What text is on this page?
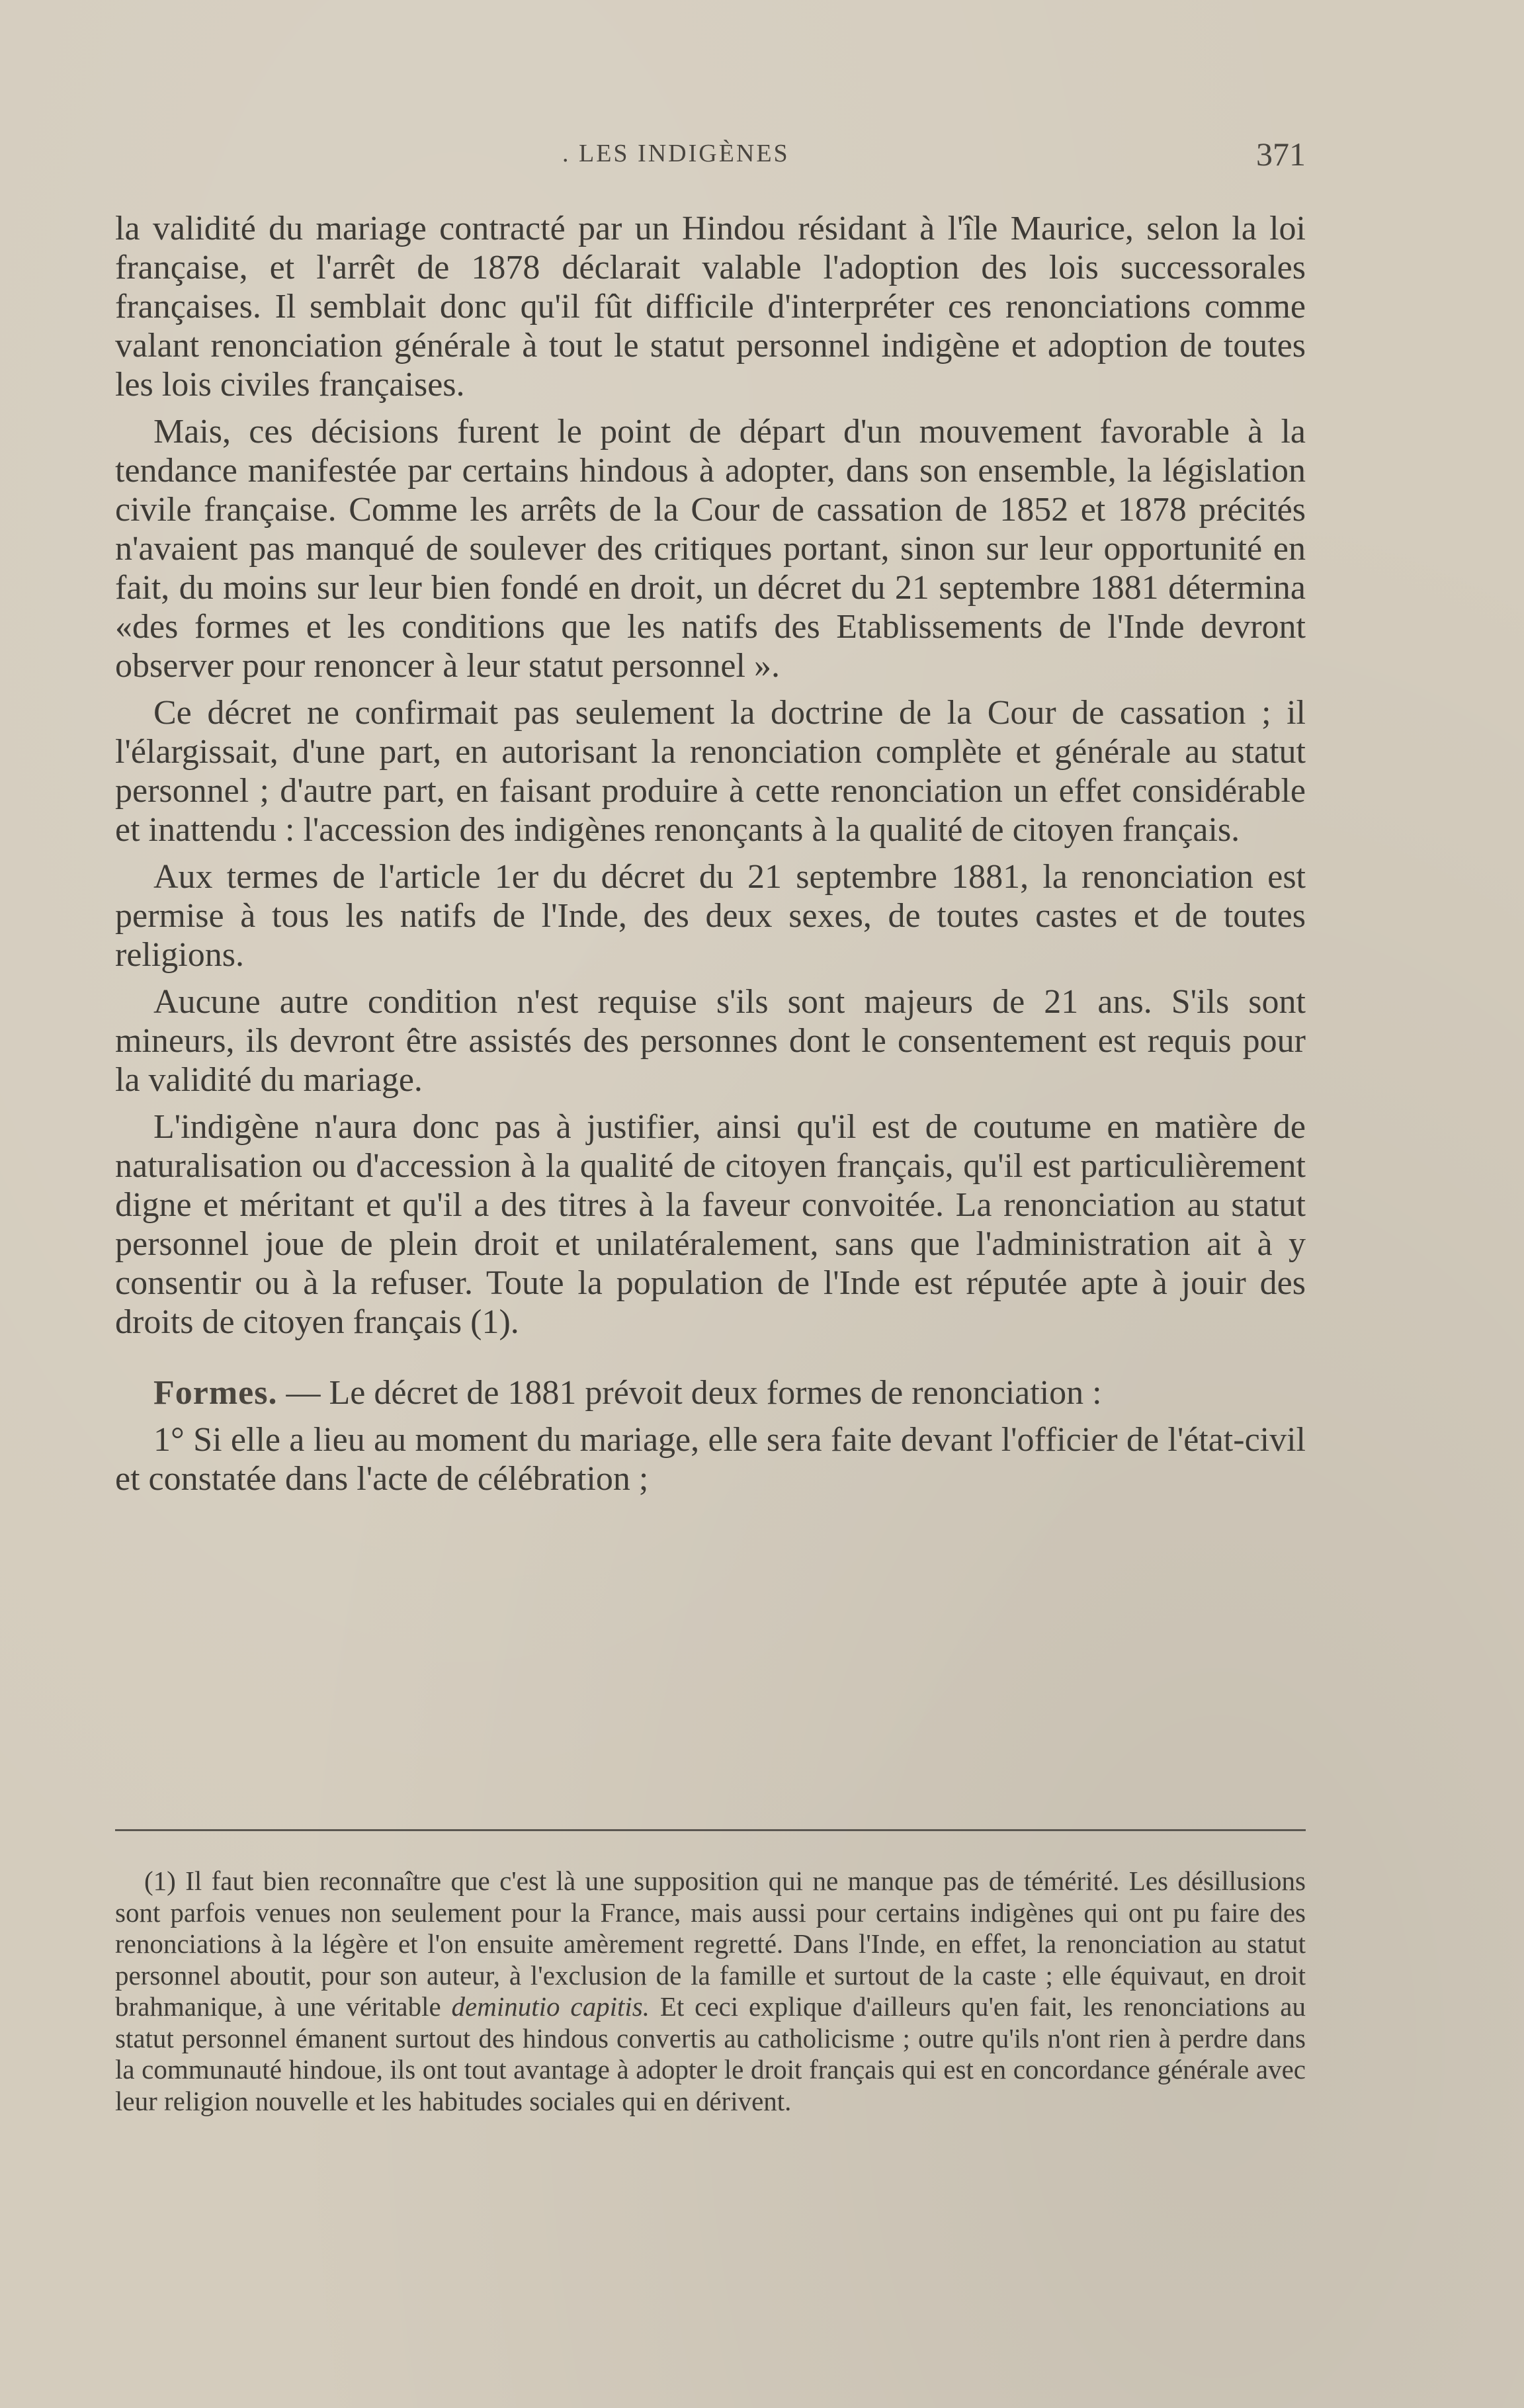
. LES INDIGÈNES	371

la validité du mariage contracté par un Hindou résidant à l'île Maurice, selon la loi française, et l'arrêt de 1878 déclarait valable l'adoption des lois successorales françaises. Il semblait donc qu'il fût difficile d'interpréter ces renonciations comme valant renonciation générale à tout le statut personnel indigène et adoption de toutes les lois civiles françaises.

Mais, ces décisions furent le point de départ d'un mouvement favorable à la tendance manifestée par certains hindous à adopter, dans son ensemble, la législation civile française. Comme les arrêts de la Cour de cassation de 1852 et 1878 précités n'avaient pas manqué de soulever des critiques portant, sinon sur leur opportunité en fait, du moins sur leur bien fondé en droit, un décret du 21 septembre 1881 détermina «des formes et les conditions que les natifs des Etablissements de l'Inde devront observer pour renoncer à leur statut personnel ».

Ce décret ne confirmait pas seulement la doctrine de la Cour de cassation ; il l'élargissait, d'une part, en autorisant la renonciation complète et générale au statut personnel ; d'autre part, en faisant produire à cette renonciation un effet considérable et inattendu : l'accession des indigènes renonçants à la qualité de citoyen français.

Aux termes de l'article 1er du décret du 21 septembre 1881, la renonciation est permise à tous les natifs de l'Inde, des deux sexes, de toutes castes et de toutes religions.

Aucune autre condition n'est requise s'ils sont majeurs de 21 ans. S'ils sont mineurs, ils devront être assistés des personnes dont le consentement est requis pour la validité du mariage.

L'indigène n'aura donc pas à justifier, ainsi qu'il est de coutume en matière de naturalisation ou d'accession à la qualité de citoyen français, qu'il est particulièrement digne et méritant et qu'il a des titres à la faveur convoitée. La renonciation au statut personnel joue de plein droit et unilatéralement, sans que l'administration ait à y consentir ou à la refuser. Toute la population de l'Inde est réputée apte à jouir des droits de citoyen français (1).

Formes. — Le décret de 1881 prévoit deux formes de renonciation :

1° Si elle a lieu au moment du mariage, elle sera faite devant l'officier de l'état-civil et constatée dans l'acte de célébration ;

(1) Il faut bien reconnaître que c'est là une supposition qui ne manque pas de témérité. Les désillusions sont parfois venues non seulement pour la France, mais aussi pour certains indigènes qui ont pu faire des renonciations à la légère et l'on ensuite amèrement regretté. Dans l'Inde, en effet, la renonciation au statut personnel aboutit, pour son auteur, à l'exclusion de la famille et surtout de la caste ; elle équivaut, en droit brahmanique, à une véritable deminutio capitis. Et ceci explique d'ailleurs qu'en fait, les renonciations au statut personnel émanent surtout des hindous convertis au catholicisme ; outre qu'ils n'ont rien à perdre dans la communauté hindoue, ils ont tout avantage à adopter le droit français qui est en concordance générale avec leur religion nouvelle et les habitudes sociales qui en dérivent.
